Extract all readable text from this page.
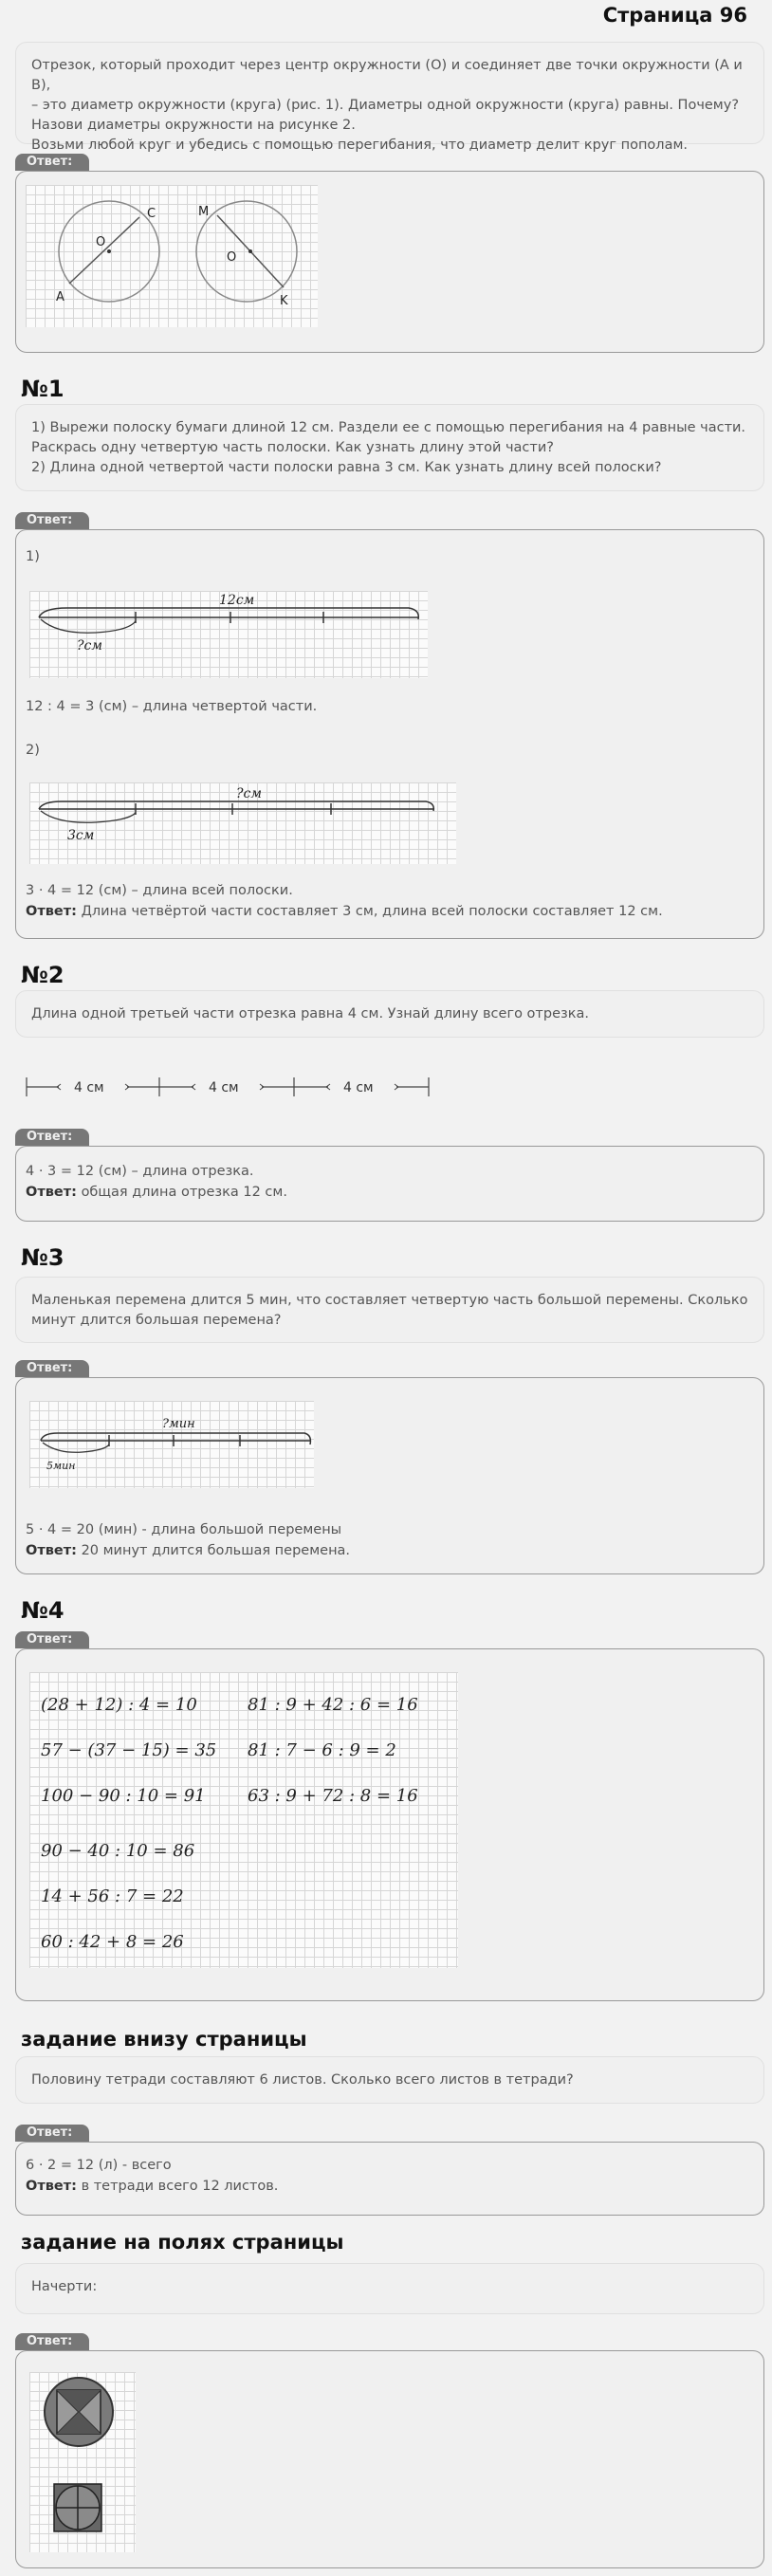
Страница 96
Отрезок, который проходит через центр окружности (О) и соединяет две точки окружности (А и В),
– это диаметр окружности (круга) (рис. 1). Диаметры одной окружности (круга) равны. Почему?
Назови диаметры окружности на рисунке 2.
Возьми любой круг и убедись с помощью перегибания, что диаметр делит круг пополам.
Ответ:
O
C
A
O
M
K
№1
1) Вырежи полоску бумаги длиной 12 см. Раздели ее с помощью перегибания на 4 равные части.
Раскрась одну четвертую часть полоски. Как узнать длину этой части?
2) Длина одной четвертой части полоски равна 3 см. Как узнать длину всей полоски?
Ответ:
1)
12см
?см
12 : 4 = 3 (см) – длина четвертой части.
2)
?см
3см
3 · 4 = 12 (см) – длина всей полоски.
Ответ: Длина четвёртой части составляет 3 см, длина всей полоски составляет 12 см.
№2
Длина одной третьей части отрезка равна 4 см. Узнай длину всего отрезка.
4 см	4 см	4 см
Ответ:
4 · 3 = 12 (см) – длина отрезка.
Ответ: общая длина отрезка 12 см.
№3
Маленькая перемена длится 5 мин, что составляет четвертую часть большой перемены. Сколько
минут длится большая перемена?
Ответ:
?мин
5мин
5 · 4 = 20 (мин) - длина большой перемены
Ответ: 20 минут длится большая перемена.
№4
Ответ:
(28 + 12) : 4 = 10
57 − (37 − 15) = 35
100 − 90 : 10 = 91
90 − 40 : 10 = 86
14 + 56 : 7 = 22
60 : 42 + 8 = 26
81 : 9 + 42 : 6 = 16
81 : 7 − 6 : 9 = 2
63 : 9 + 72 : 8 = 16
задание внизу страницы
Половину тетради составляют 6 листов. Сколько всего листов в тетради?
Ответ:
6 · 2 = 12 (л) - всего
Ответ: в тетради всего 12 листов.
задание на полях страницы
Начерти:
Ответ:
